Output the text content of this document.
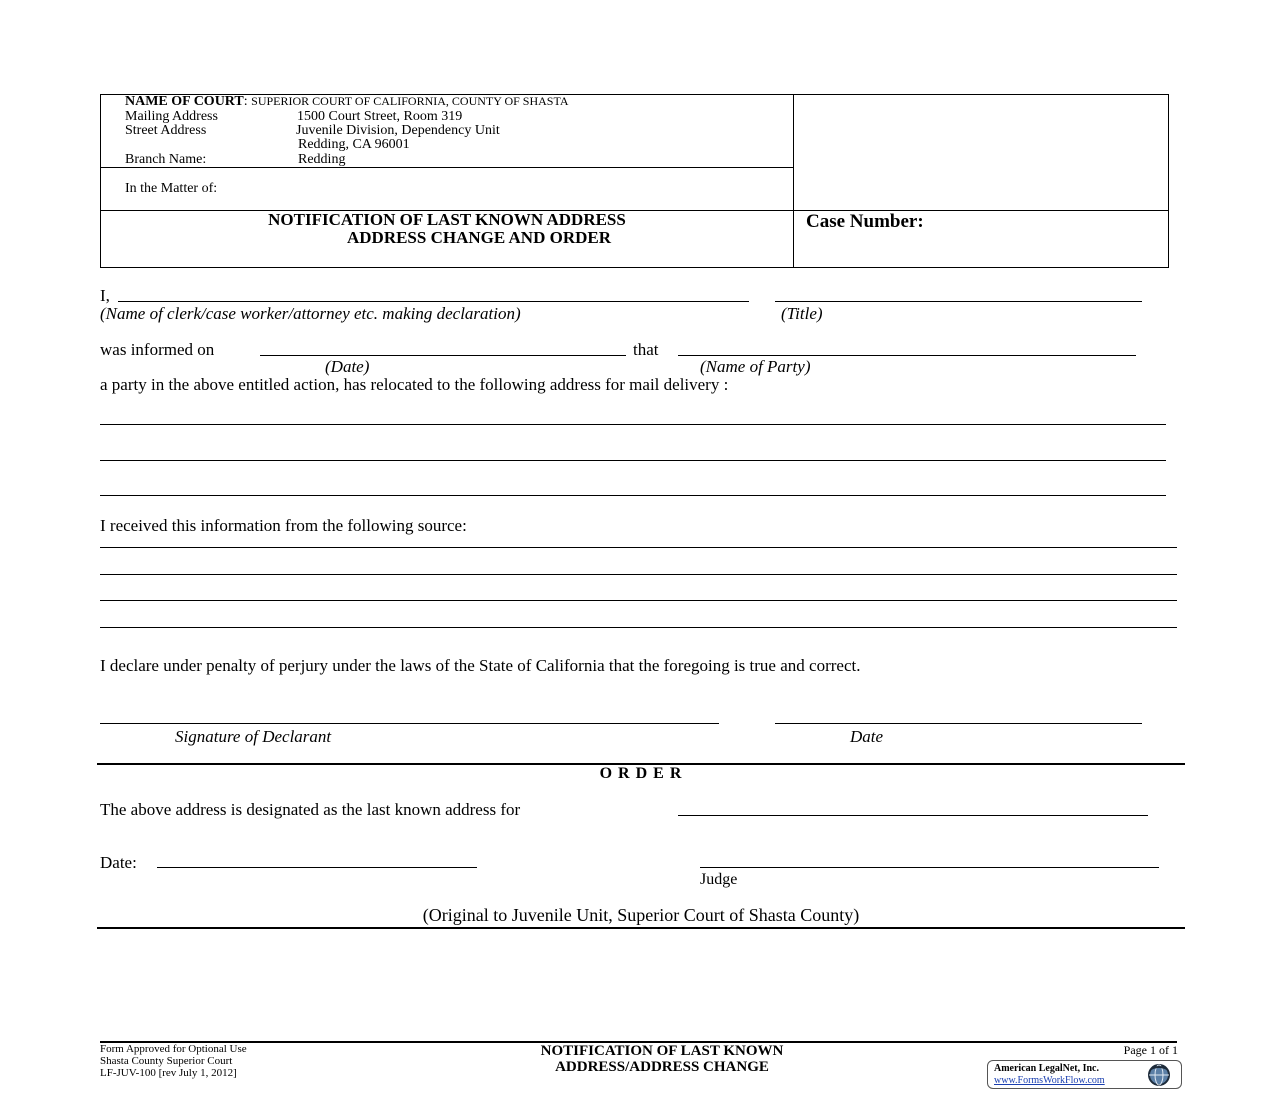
NAME OF COURT: SUPERIOR COURT OF CALIFORNIA, COUNTY OF SHASTA
Mailing Address	1500 Court Street, Room 319
Street Address	Juvenile Division, Dependency Unit
Redding, CA 96001
Branch Name:	Redding
In the Matter of:
NOTIFICATION OF LAST KNOWN ADDRESS
ADDRESS CHANGE AND ORDER
Case Number:
I,
(Name of clerk/case worker/attorney etc. making declaration)	(Title)
was informed on	that
(Date)	(Name of Party)
a party in the above entitled action, has relocated to the following address for mail delivery :
I received this information from the following source:
I declare under penalty of perjury under the laws of the State of California that the foregoing is true and correct.
Signature of Declarant	Date
O R D E R
The above address is designated as the last known address for
Date:
Judge
(Original to Juvenile Unit, Superior Court of Shasta County)
Form Approved for Optional Use
Shasta County Superior Court
LF-JUV-100 [rev July 1, 2012]
NOTIFICATION OF LAST KNOWN
ADDRESS/ADDRESS CHANGE
Page 1 of 1
American LegalNet, Inc.
www.FormsWorkFlow.com
